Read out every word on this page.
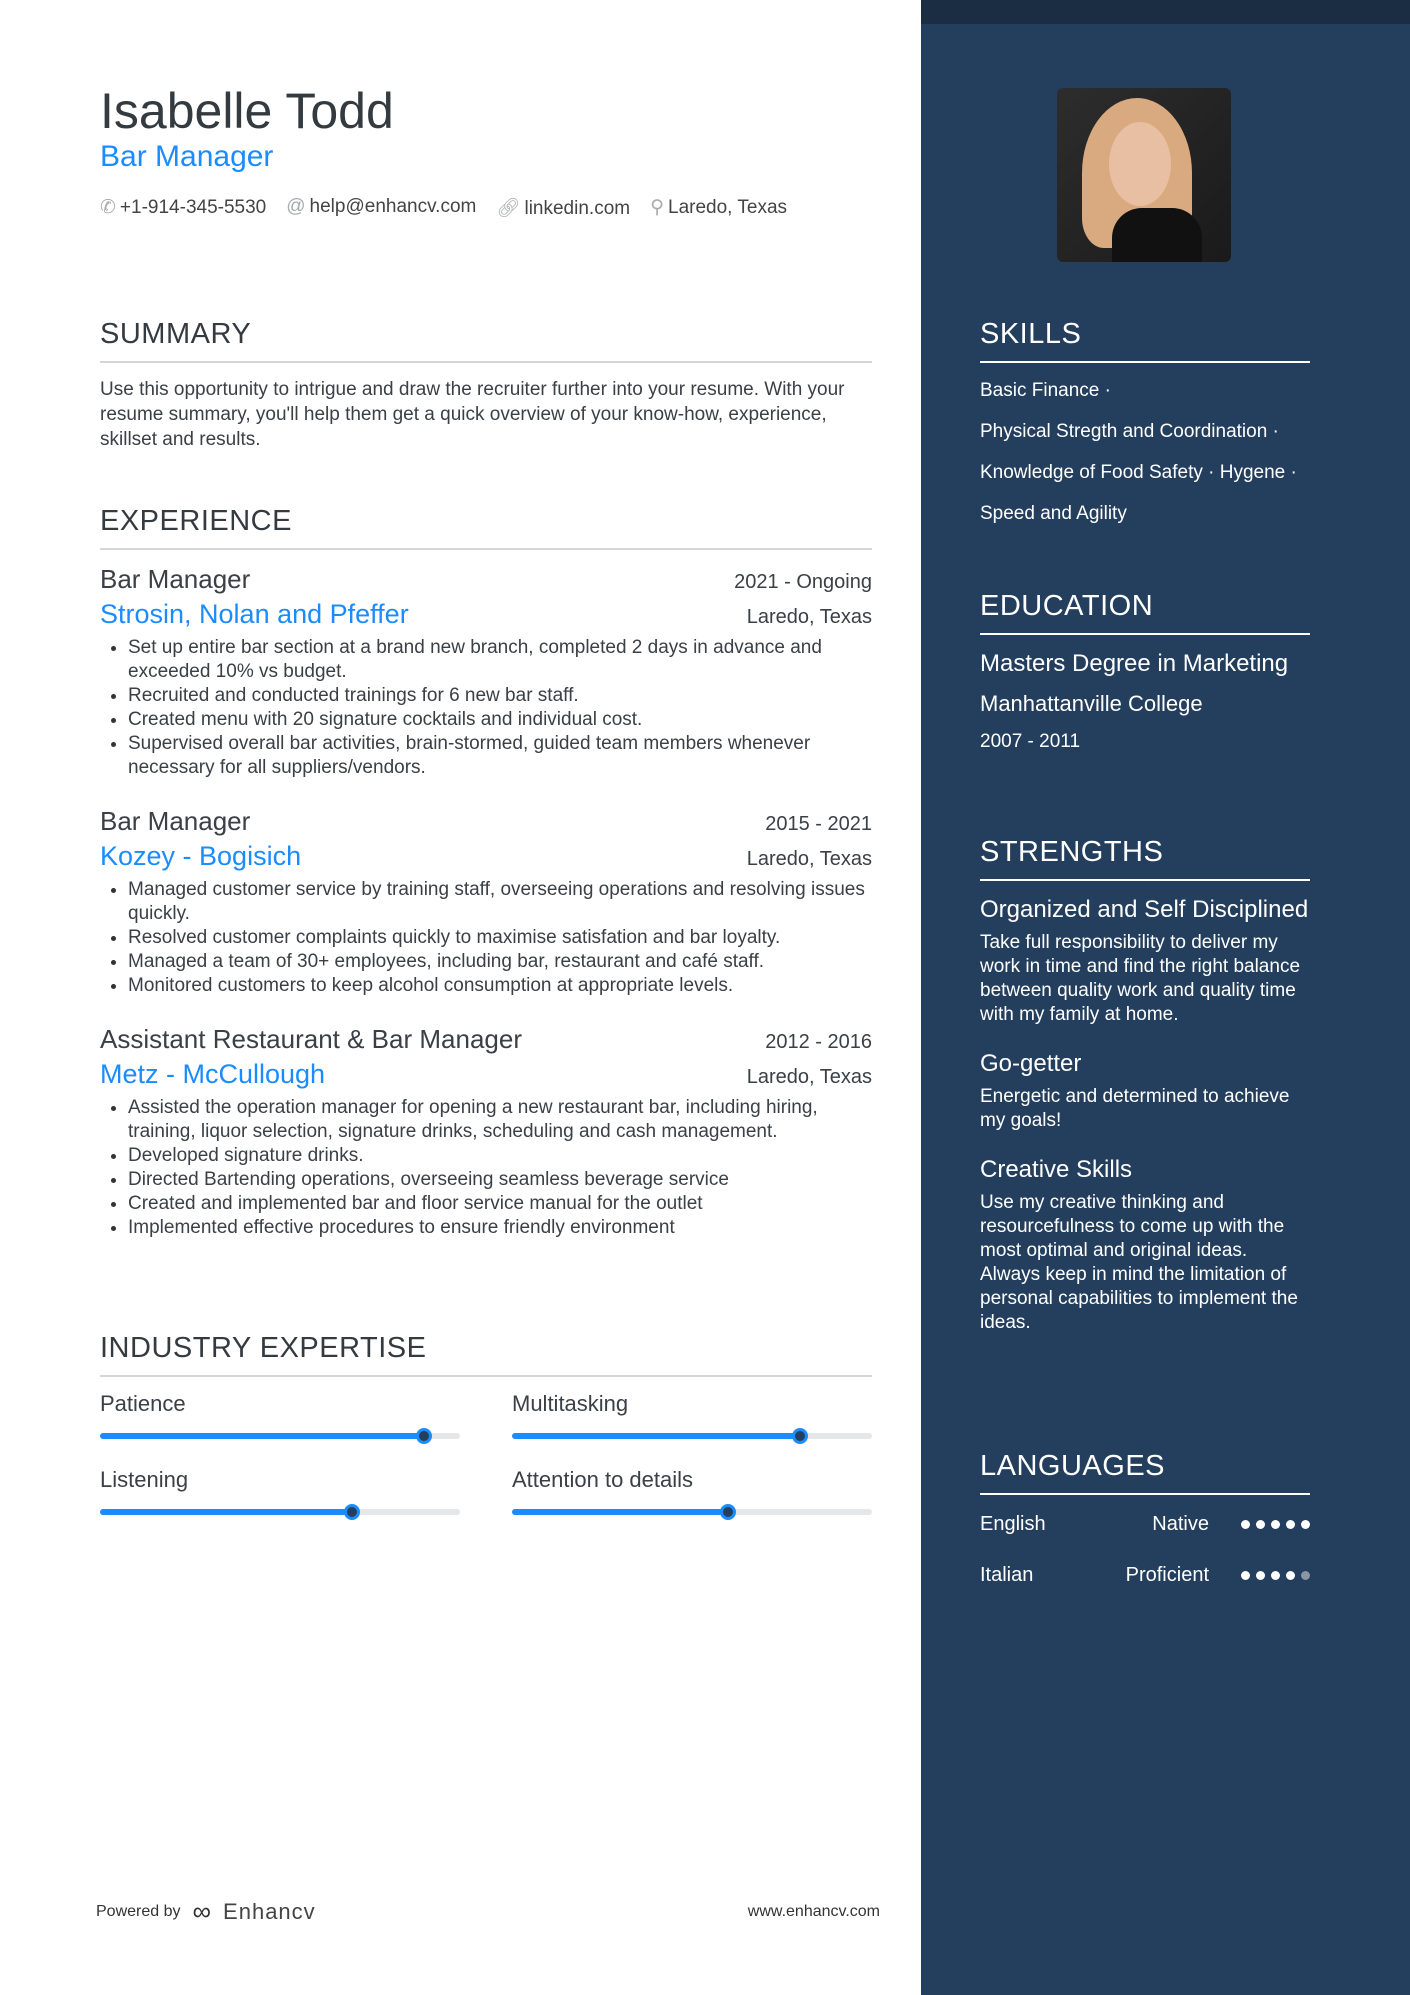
Isabelle Todd
Bar Manager
✆ +1-914-345-5530 @ help@enhancv.com 🔗︎ linkedin.com ⚲ Laredo, Texas
SUMMARY

Use this opportunity to intrigue and draw the recruiter further into your resume. With your resume summary, you'll help them get a quick overview of your know-how, experience, skillset and results.

EXPERIENCE
Bar Manager	2021 - Ongoing
Strosin, Nolan and Pfeffer	Laredo, Texas
• Set up entire bar section at a brand new branch, completed 2 days in advance and exceeded 10% vs budget.
• Recruited and conducted trainings for 6 new bar staff.
• Created menu with 20 signature cocktails and individual cost.
• Supervised overall bar activities, brain-stormed, guided team members whenever necessary for all suppliers/vendors.
Bar Manager	2015 - 2021
Kozey - Bogisich	Laredo, Texas
• Managed customer service by training staff, overseeing operations and resolving issues quickly.
• Resolved customer complaints quickly to maximise satisfation and bar loyalty.
• Managed a team of 30+ employees, including bar, restaurant and café staff.
• Monitored customers to keep alcohol consumption at appropriate levels.
Assistant Restaurant & Bar Manager	2012 - 2016
Metz - McCullough	Laredo, Texas
• Assisted the operation manager for opening a new restaurant bar, including hiring, training, liquor selection, signature drinks, scheduling and cash management.
• Developed signature drinks.
• Directed Bartending operations, overseeing seamless beverage service
• Created and implemented bar and floor service manual for the outlet
• Implemented effective procedures to ensure friendly environment
INDUSTRY EXPERTISE
Patience	Multitasking
Listening	Attention to details
Powered by ∞ Enhancv	www.enhancv.com
SKILLS
Basic Finance ·
Physical Stregth and Coordination ·
Knowledge of Food Safety · Hygene ·
Speed and Agility
EDUCATION
Masters Degree in Marketing
Manhattanville College
2007 - 2011
STRENGTHS
Organized and Self Disciplined
Take full responsibility to deliver my work in time and find the right balance between quality work and quality time with my family at home.
Go-getter
Energetic and determined to achieve my goals!
Creative Skills
Use my creative thinking and resourcefulness to come up with the most optimal and original ideas. Always keep in mind the limitation of personal capabilities to implement the ideas.
LANGUAGES
English	Native
Italian	Proficient
